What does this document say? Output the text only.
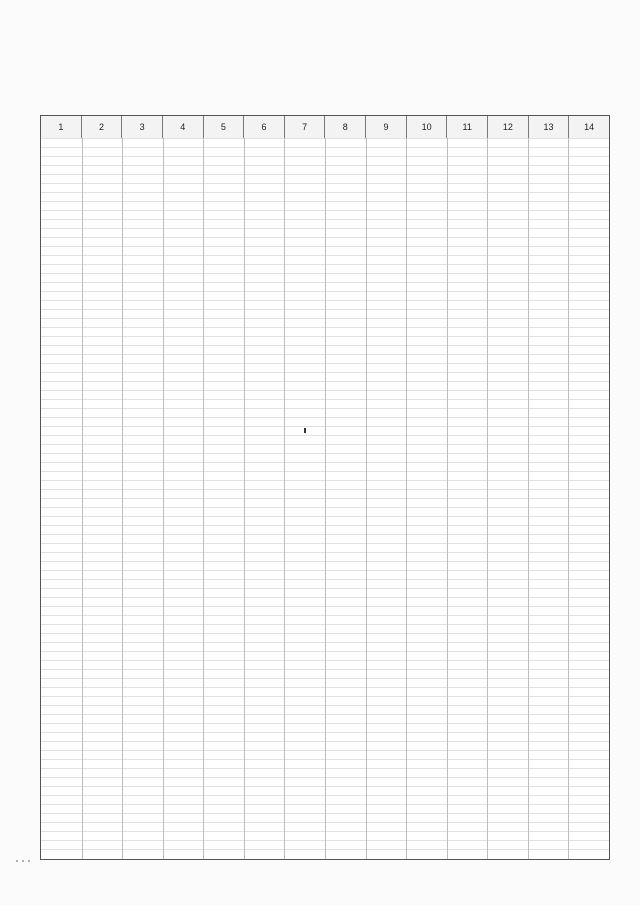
1	2	3	4	5	6	7	8	9	10	11	12	13	14
